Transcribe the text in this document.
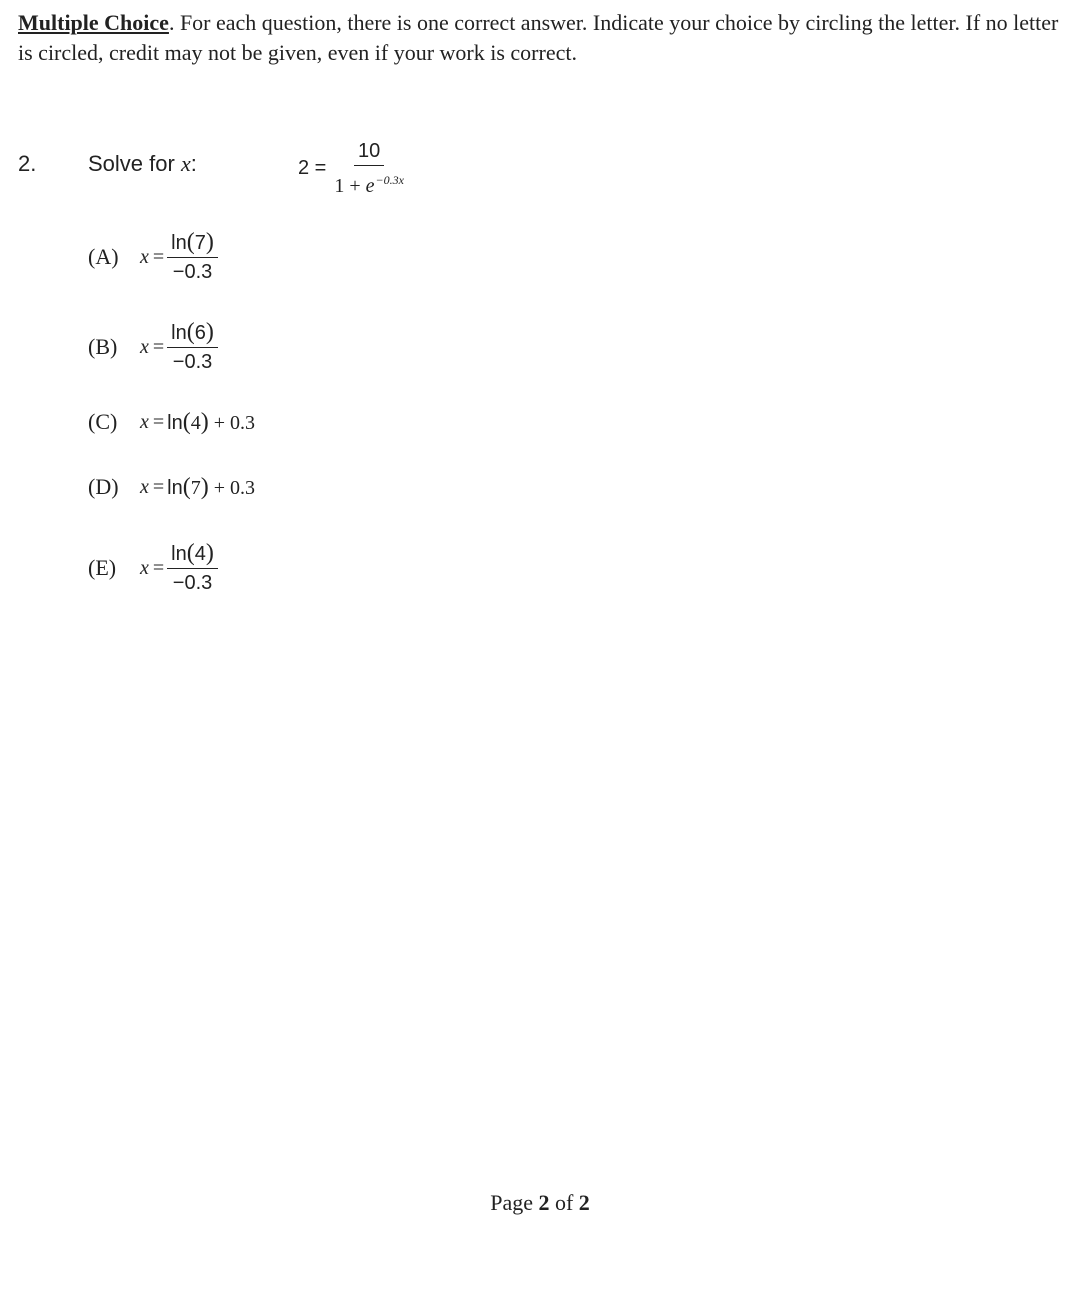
Multiple Choice. For each question, there is one correct answer. Indicate your choice by circling the letter. If no letter is circled, credit may not be given, even if your work is correct.
2. Solve for x:	$2 = \frac{10}{1 + e^{-0.3x}}$
(A)	$x = \frac{\ln(7)}{-0.3}$
(B)	$x = \frac{\ln(6)}{-0.3}$
(C)	x = ln(4) + 0.3
(D)	x = ln(7) + 0.3
(E)	$x = \frac{\ln(4)}{-0.3}$
Page 2 of 2
